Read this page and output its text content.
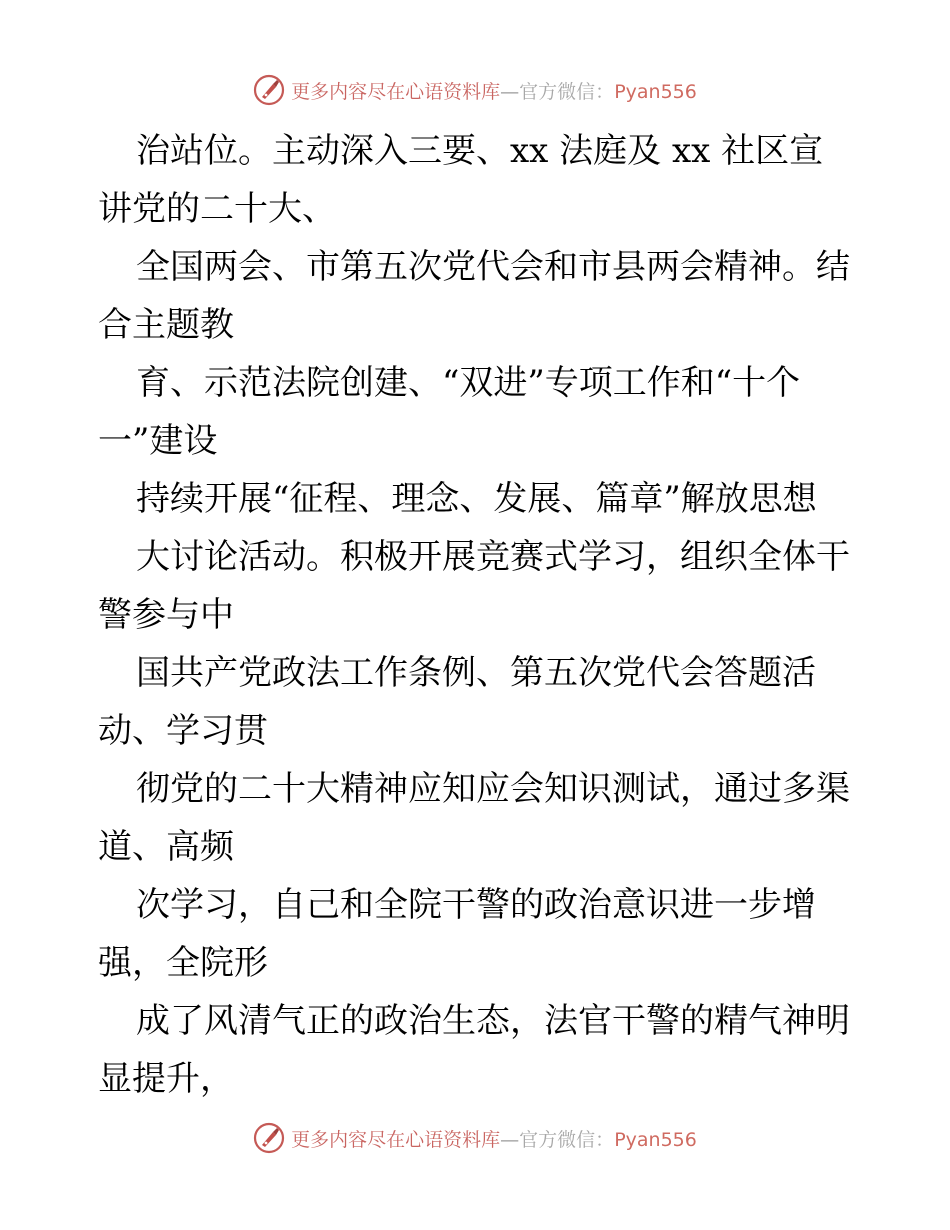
更多内容尽在心语资料库—官方微信：Pyan556
治站位。主动深入三要、xx 法庭及 xx 社区宣
讲党的二十大、
全国两会、市第五次党代会和市县两会精神。结
合主题教
育、示范法院创建、“双进”专项工作和“十个
一”建设
持续开展“征程、理念、发展、篇章”解放思想
大讨论活动。积极开展竞赛式学习，组织全体干
警参与中
国共产党政法工作条例、第五次党代会答题活
动、学习贯
彻党的二十大精神应知应会知识测试，通过多渠
道、高频
次学习，自己和全院干警的政治意识进一步增
强，全院形
成了风清气正的政治生态，法官干警的精气神明
显提升，
更多内容尽在心语资料库—官方微信：Pyan556
